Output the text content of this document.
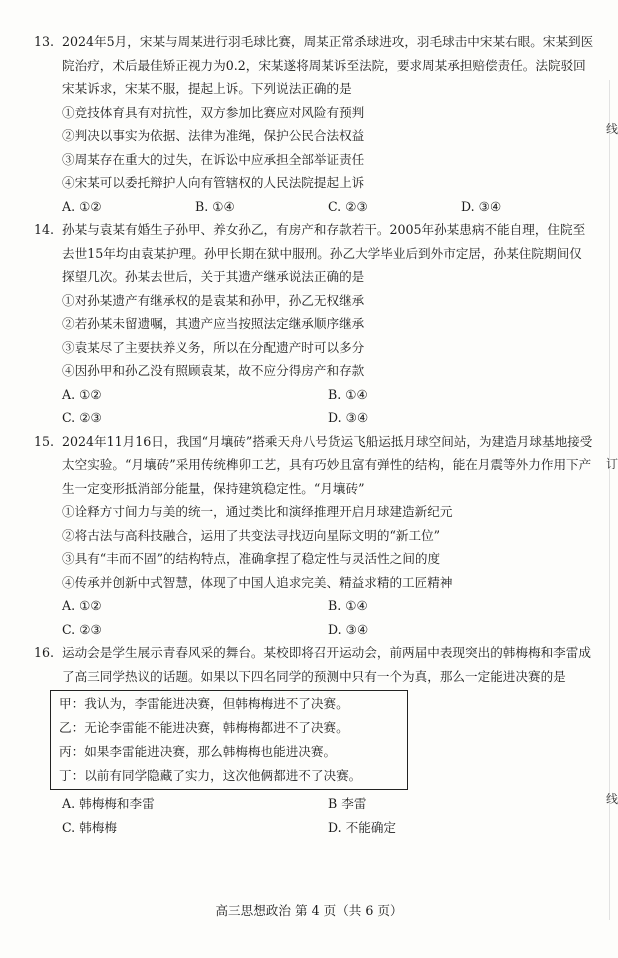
13. 2024年5月，宋某与周某进行羽毛球比赛，周某正常杀球进攻，羽毛球击中宋某右眼。宋某到医院治疗，术后最佳矫正视力为0.2，宋某遂将周某诉至法院，要求周某承担赔偿责任。法院驳回宋某诉求，宋某不服，提起上诉。下列说法正确的是
①竞技体育具有对抗性，双方参加比赛应对风险有预判
②判决以事实为依据、法律为准绳，保护公民合法权益
③周某存在重大的过失，在诉讼中应承担全部举证责任
④宋某可以委托辩护人向有管辖权的人民法院提起上诉
A. ①②	B. ①④	C. ②③	D. ③④
14. 孙某与袁某有婚生子孙甲、养女孙乙，有房产和存款若干。2005年孙某患病不能自理，住院至去世15年均由袁某护理。孙甲长期在狱中服刑。孙乙大学毕业后到外市定居，孙某住院期间仅探望几次。孙某去世后，关于其遗产继承说法正确的是
①对孙某遗产有继承权的是袁某和孙甲，孙乙无权继承
②若孙某未留遗嘱，其遗产应当按照法定继承顺序继承
③袁某尽了主要扶养义务，所以在分配遗产时可以多分
④因孙甲和孙乙没有照顾袁某，故不应分得房产和存款
A. ①②	B. ①④
C. ②③	D. ③④
15. 2024年11月16日，我国“月壤砖”搭乘天舟八号货运飞船运抵月球空间站，为建造月球基地接受太空实验。“月壤砖”采用传统榫卯工艺，具有巧妙且富有弹性的结构，能在月震等外力作用下产生一定变形抵消部分能量，保持建筑稳定性。“月壤砖”
①诠释方寸间力与美的统一，通过类比和演绎推理开启月球建造新纪元
②将古法与高科技融合，运用了共变法寻找迈向星际文明的“新工位”
③具有“丰而不固”的结构特点，准确拿捏了稳定性与灵活性之间的度
④传承并创新中式智慧，体现了中国人追求完美、精益求精的工匠精神
A. ①②	B. ①④
C. ②③	D. ③④
16. 运动会是学生展示青春风采的舞台。某校即将召开运动会，前两届中表现突出的韩梅梅和李雷成了高三同学热议的话题。如果以下四名同学的预测中只有一个为真，那么一定能进决赛的是
甲：我认为，李雷能进决赛，但韩梅梅进不了决赛。
乙：无论李雷能不能进决赛，韩梅梅都进不了决赛。
丙：如果李雷能进决赛，那么韩梅梅也能进决赛。
丁：以前有同学隐藏了实力，这次他俩都进不了决赛。
A. 韩梅梅和李雷	B 李雷
C. 韩梅梅	D. 不能确定
高三思想政治 第 4 页（共 6 页）
线
订
线
